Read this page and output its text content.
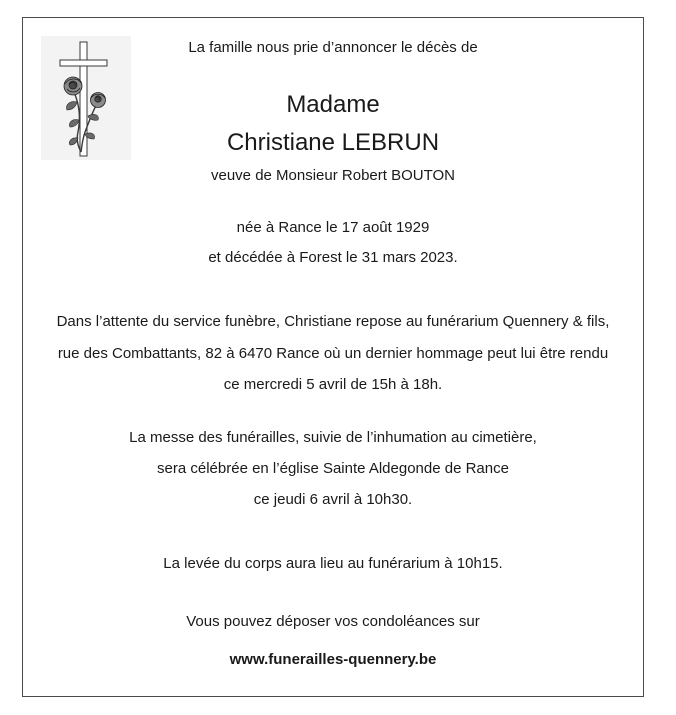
La famille nous prie d’annoncer le décès de
Madame
Christiane LEBRUN
veuve de Monsieur Robert BOUTON
née à Rance le 17 août 1929
et décédée à Forest le 31 mars 2023.
Dans l’attente du service funèbre, Christiane repose au funérarium Quennery & fils,
rue des Combattants, 82 à 6470 Rance où un dernier hommage peut lui être rendu
ce mercredi 5 avril de 15h à 18h.
La messe des funérailles, suivie de l’inhumation au cimetière,
sera célébrée en l’église Sainte Aldegonde de Rance
ce jeudi 6 avril à 10h30.
La levée du corps aura lieu au funérarium à 10h15.
Vous pouvez déposer vos condoléances sur
www.funerailles-quennery.be
